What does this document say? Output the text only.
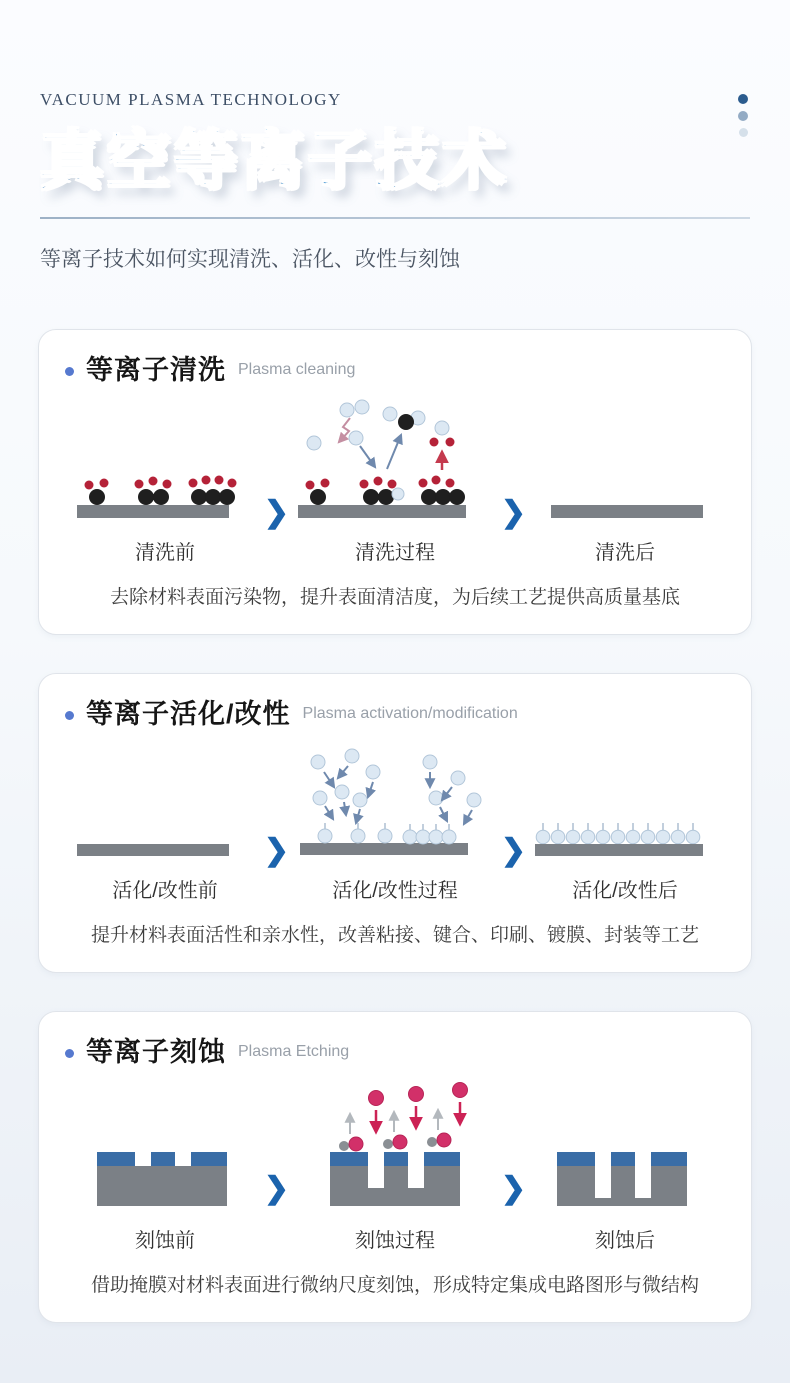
VACUUM PLASMA TECHNOLOGY
真空等离子技术
等离子技术如何实现清洗、活化、改性与刻蚀
等离子清洗 Plasma cleaning
清洗前
❯
清洗过程
❯
清洗后

去除材料表面污染物，提升表面清洁度，为后续工艺提供高质量基底

等离子活化/改性 Plasma activation/modification
活化/改性前
❯
活化/改性过程
❯
活化/改性后

提升材料表面活性和亲水性，改善粘接、键合、印刷、镀膜、封装等工艺

等离子刻蚀 Plasma Etching
刻蚀前
❯
刻蚀过程
❯
刻蚀后

借助掩膜对材料表面进行微纳尺度刻蚀，形成特定集成电路图形与微结构
